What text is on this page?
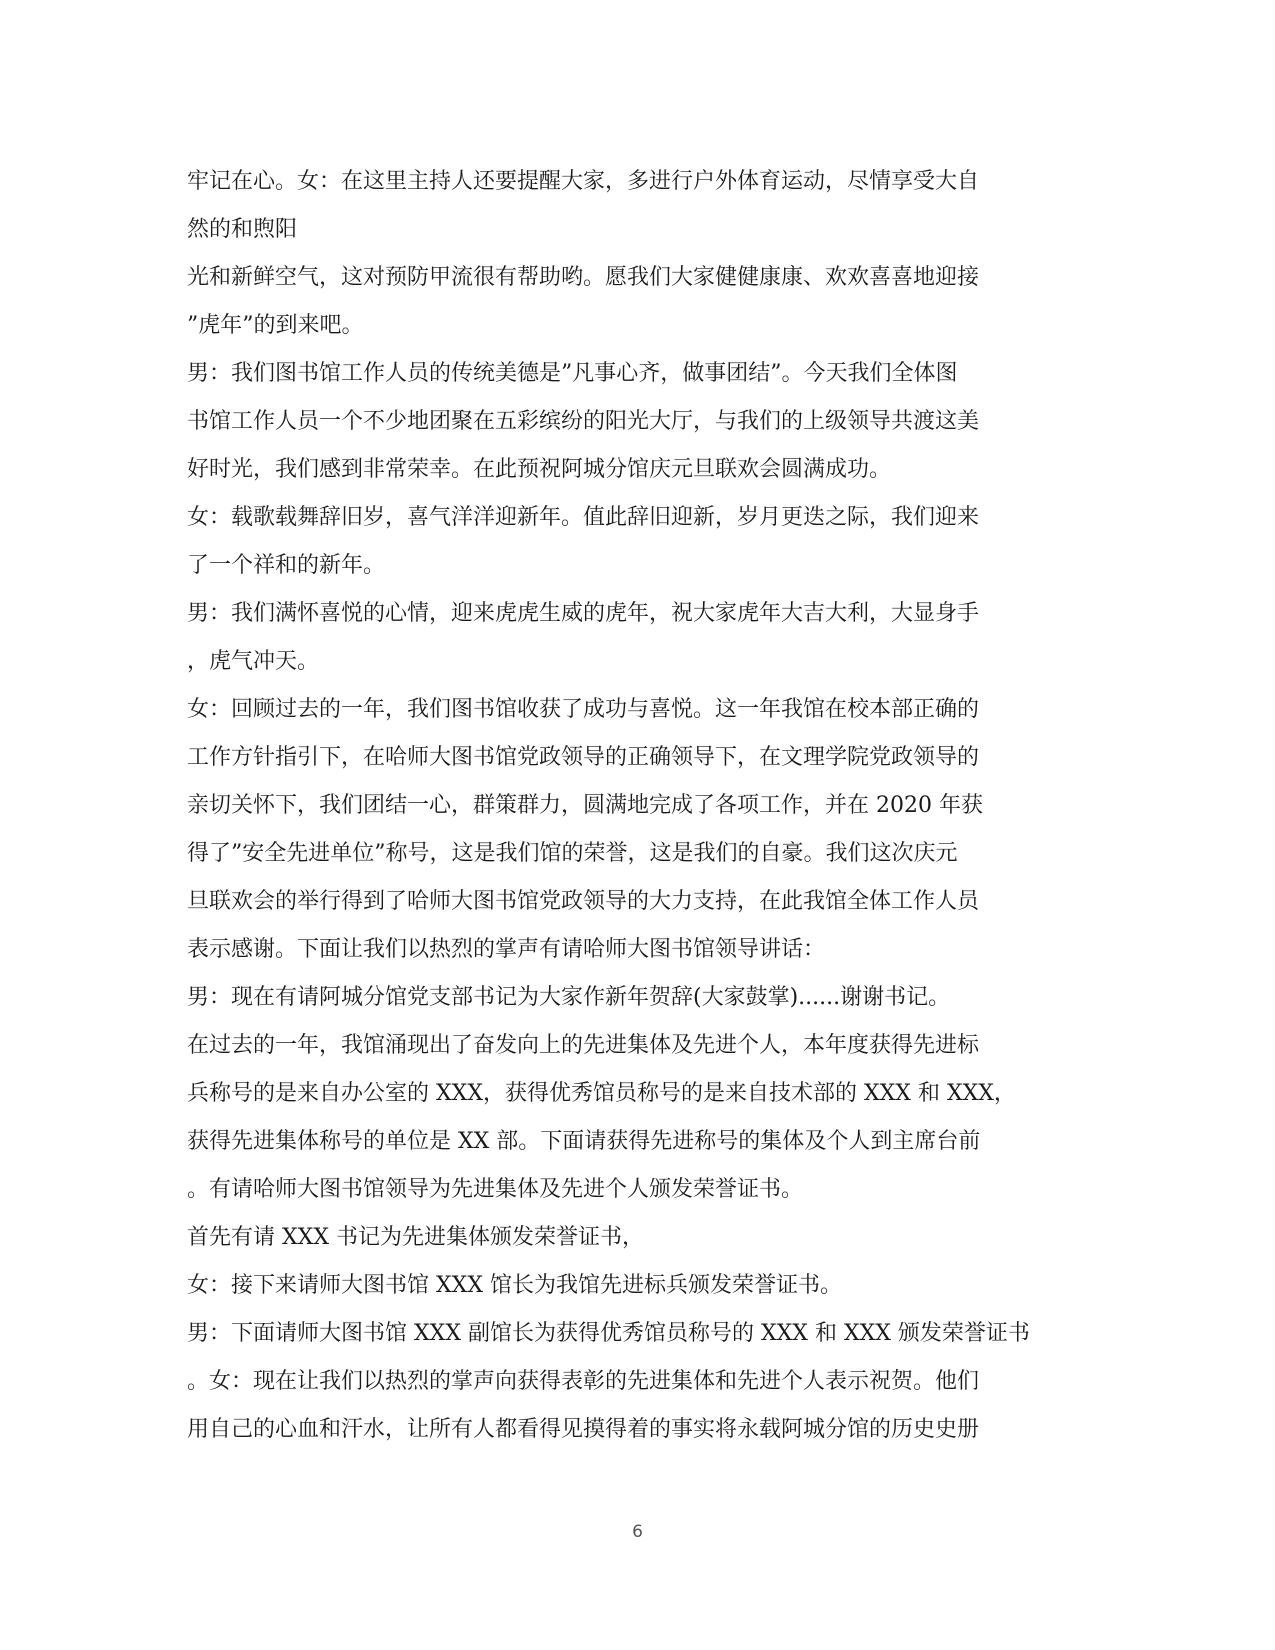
牢记在心。女：在这里主持人还要提醒大家，多进行户外体育运动，尽情享受大自
然的和煦阳
光和新鲜空气，这对预防甲流很有帮助哟。愿我们大家健健康康、欢欢喜喜地迎接
”虎年”的到来吧。
男：我们图书馆工作人员的传统美德是”凡事心齐，做事团结”。今天我们全体图
书馆工作人员一个不少地团聚在五彩缤纷的阳光大厅，与我们的上级领导共渡这美
好时光，我们感到非常荣幸。在此预祝阿城分馆庆元旦联欢会圆满成功。
女：载歌载舞辞旧岁，喜气洋洋迎新年。值此辞旧迎新，岁月更迭之际，我们迎来
了一个祥和的新年。
男：我们满怀喜悦的心情，迎来虎虎生威的虎年，祝大家虎年大吉大利，大显身手
，虎气冲天。
女：回顾过去的一年，我们图书馆收获了成功与喜悦。这一年我馆在校本部正确的
工作方针指引下，在哈师大图书馆党政领导的正确领导下，在文理学院党政领导的
亲切关怀下，我们团结一心，群策群力，圆满地完成了各项工作，并在 2020 年获
得了”安全先进单位”称号，这是我们馆的荣誉，这是我们的自豪。我们这次庆元
旦联欢会的举行得到了哈师大图书馆党政领导的大力支持，在此我馆全体工作人员
表示感谢。下面让我们以热烈的掌声有请哈师大图书馆领导讲话：
男：现在有请阿城分馆党支部书记为大家作新年贺辞(大家鼓掌)......谢谢书记。
在过去的一年，我馆涌现出了奋发向上的先进集体及先进个人，本年度获得先进标
兵称号的是来自办公室的 XXX，获得优秀馆员称号的是来自技术部的 XXX 和 XXX，
获得先进集体称号的单位是 XX 部。下面请获得先进称号的集体及个人到主席台前
。有请哈师大图书馆领导为先进集体及先进个人颁发荣誉证书。
首先有请 XXX 书记为先进集体颁发荣誉证书，
女：接下来请师大图书馆 XXX 馆长为我馆先进标兵颁发荣誉证书。
男：下面请师大图书馆 XXX 副馆长为获得优秀馆员称号的 XXX 和 XXX 颁发荣誉证书
。女：现在让我们以热烈的掌声向获得表彰的先进集体和先进个人表示祝贺。他们
用自己的心血和汗水，让所有人都看得见摸得着的事实将永载阿城分馆的历史史册
6
